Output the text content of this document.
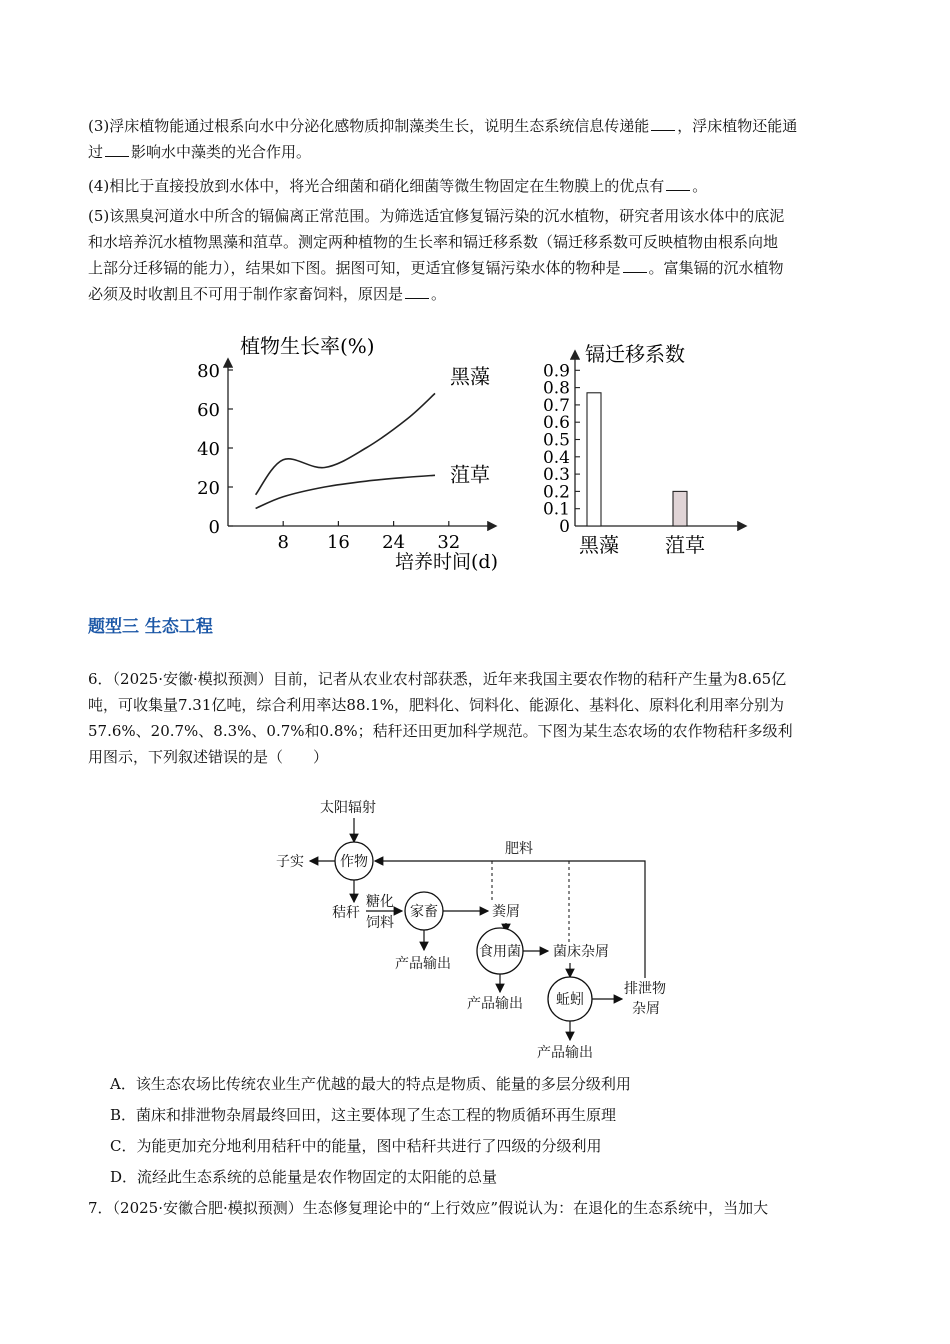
(3)浮床植物能通过根系向水中分泌化感物质抑制藻类生长，说明生态系统信息传递能 ，浮床植物还能通
过 影响水中藻类的光合作用。
(4)相比于直接投放到水体中，将光合细菌和硝化细菌等微生物固定在生物膜上的优点有 。
(5)该黑臭河道水中所含的镉偏离正常范围。为筛选适宜修复镉污染的沉水植物，研究者用该水体中的底泥
和水培养沉水植物黑藻和菹草。测定两种植物的生长率和镉迁移系数（镉迁移系数可反映植物由根系向地
上部分迁移镉的能力），结果如下图。据图可知，更适宜修复镉污染水体的物种是 。富集镉的沉水植物
必须及时收割且不可用于制作家畜饲料，原因是 。
植物生长率(%)
0
20
40
60
80
8 16 24 32
黑藻
菹草
培养时间(d)
镉迁移系数
0
0.1
0.2
0.3
0.4
0.5
0.6
0.7
0.8
0.9
黑藻 菹草
题型三 生态工程
6．（2025·安徽·模拟预测）目前，记者从农业农村部获悉，近年来我国主要农作物的秸秆产生量为8.65亿
吨，可收集量7.31亿吨，综合利用率达88.1%，肥料化、饲料化、能源化、基料化、原料化利用率分别为
57.6%、20.7%、8.3%、0.7%和0.8%；秸秆还田更加科学规范。下图为某生态农场的农作物秸秆多级利
用图示，下列叙述错误的是（　　）
太阳辐射
作物
子实
肥料
秸秆
糖化
饲料
家畜	粪屑
产品输出
食用菌 菌床杂屑
产品输出 蚯蚓
排泄物
杂屑
产品输出
A．该生态农场比传统农业生产优越的最大的特点是物质、能量的多层分级利用
B．菌床和排泄物杂屑最终回田，这主要体现了生态工程的物质循环再生原理
C．为能更加充分地利用秸秆中的能量，图中秸秆共进行了四级的分级利用
D．流经此生态系统的总能量是农作物固定的太阳能的总量
7．（2025·安徽合肥·模拟预测）生态修复理论中的“上行效应”假说认为：在退化的生态系统中，当加大
